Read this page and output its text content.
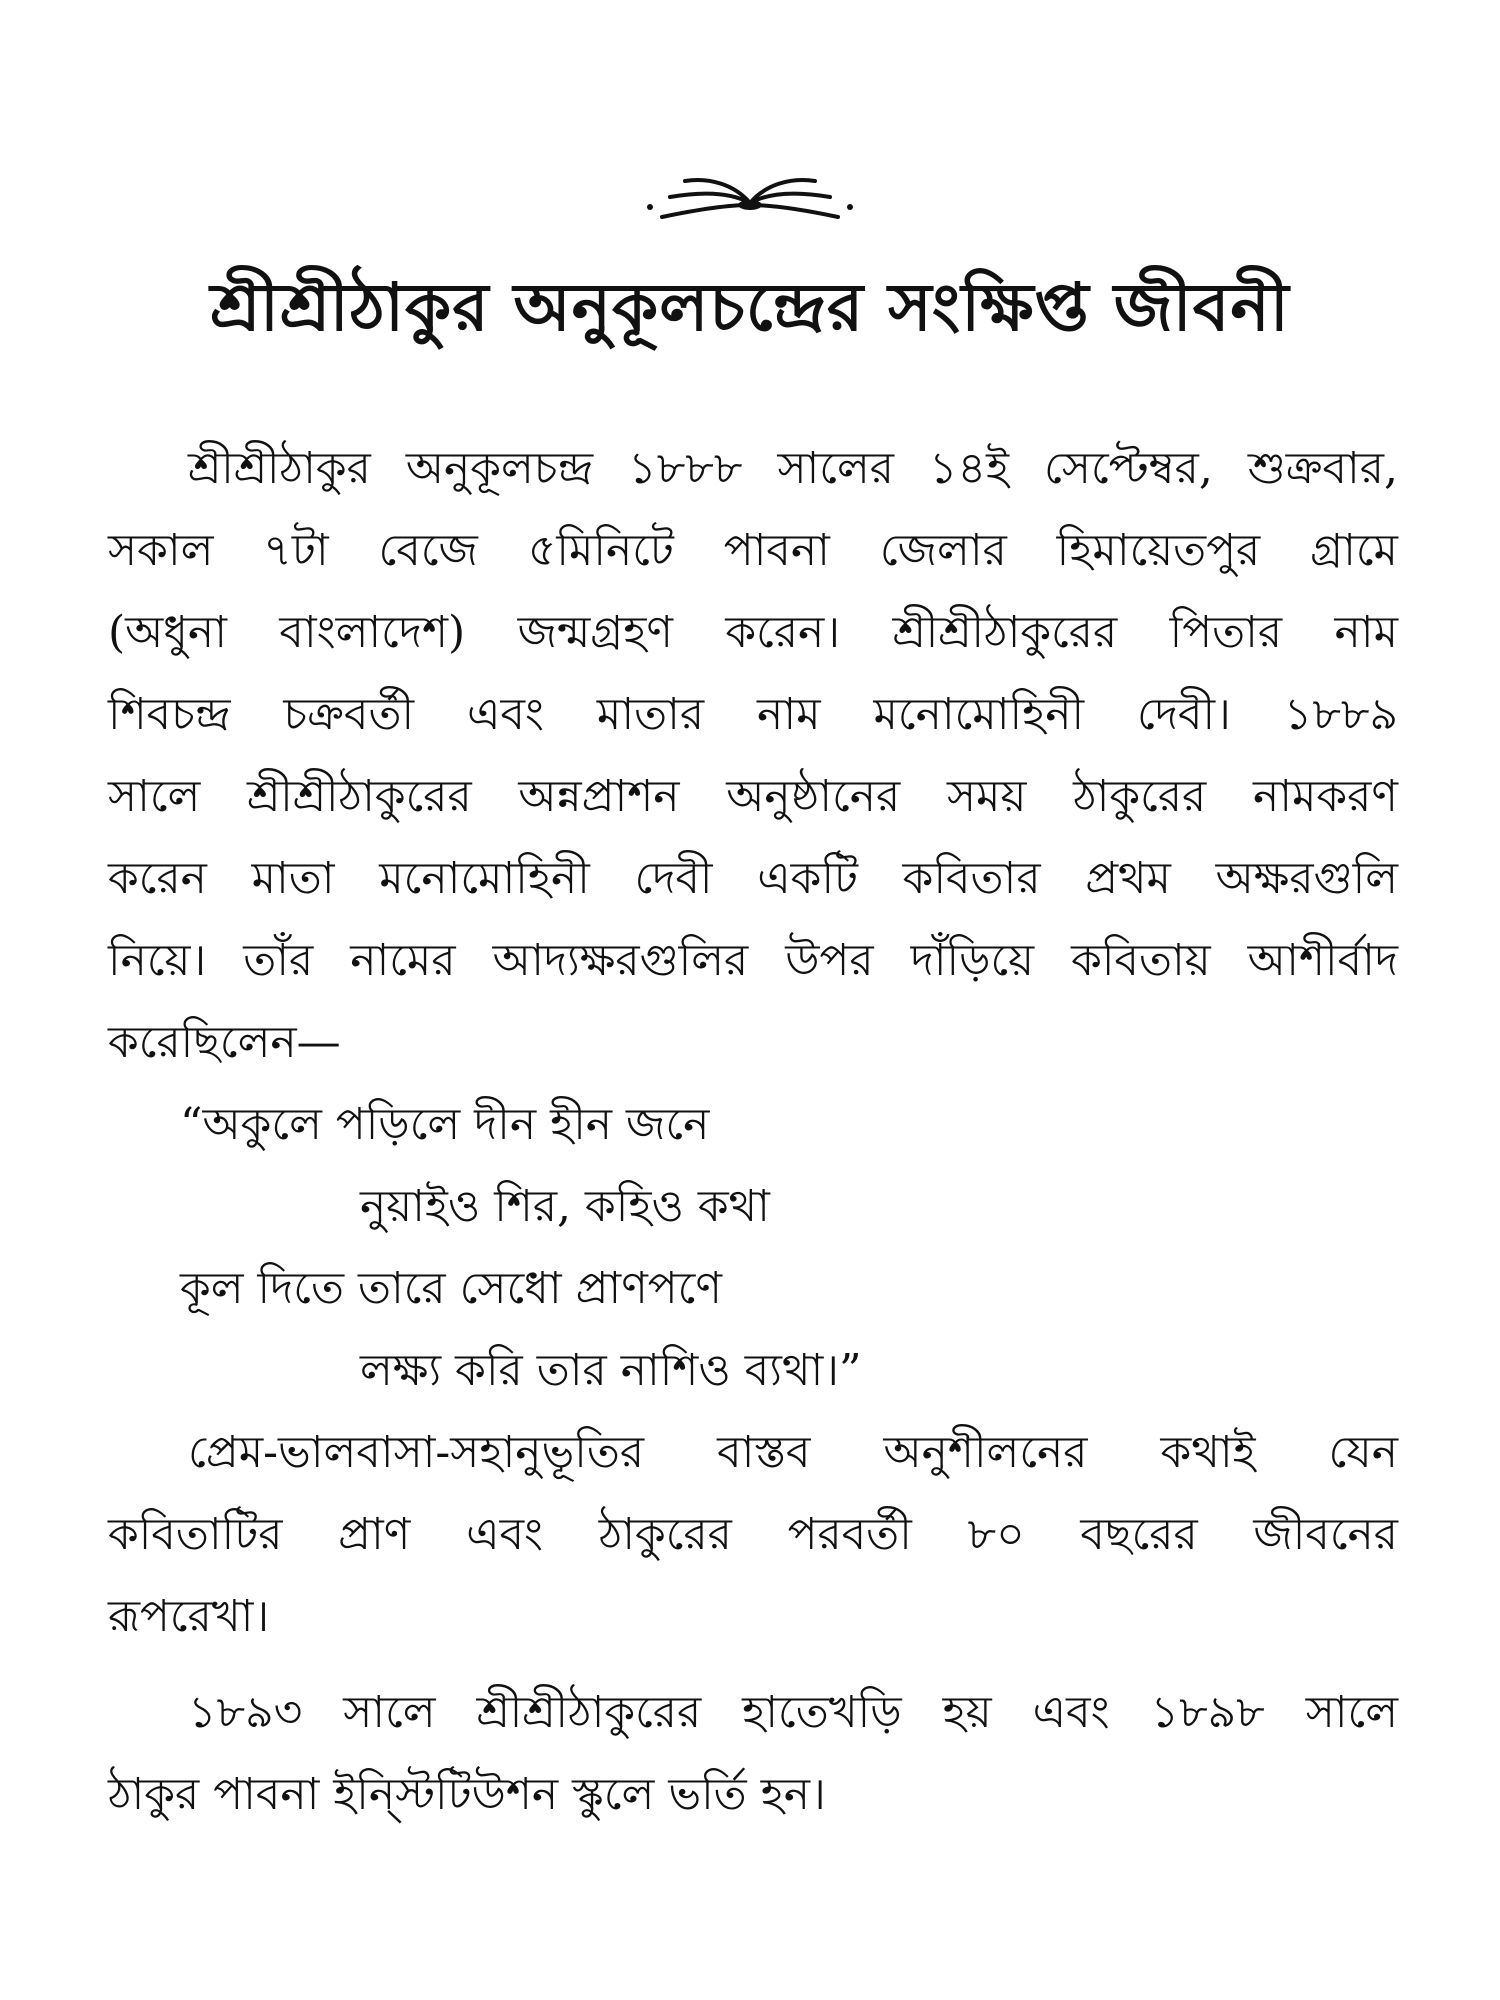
শ্রীশ্রীঠাকুর অনুকূলচন্দ্রের সংক্ষিপ্ত জীবনী
শ্রীশ্রীঠাকুর অনুকূলচন্দ্র ১৮৮৮ সালের ১৪ই সেপ্টেম্বর, শুক্রবার,
সকাল ৭টা বেজে ৫মিনিটে পাবনা জেলার হিমায়েতপুর গ্রামে
(অধুনা বাংলাদেশ) জন্মগ্রহণ করেন। শ্রীশ্রীঠাকুরের পিতার নাম
শিবচন্দ্র চক্রবর্তী এবং মাতার নাম মনোমোহিনী দেবী। ১৮৮৯
সালে শ্রীশ্রীঠাকুরের অন্নপ্রাশন অনুষ্ঠানের সময় ঠাকুরের নামকরণ
করেন মাতা মনোমোহিনী দেবী একটি কবিতার প্রথম অক্ষরগুলি
নিয়ে। তাঁর নামের আদ্যক্ষরগুলির উপর দাঁড়িয়ে কবিতায় আশীর্বাদ
করেছিলেন—
“অকুলে পড়িলে দীন হীন জনে
নুয়াইও শির, কহিও কথা
কূল দিতে তারে সেধো প্রাণপণে
লক্ষ্য করি তার নাশিও ব্যথা।”
প্রেম-ভালবাসা-সহানুভূতির বাস্তব অনুশীলনের কথাই যেন
কবিতাটির প্রাণ এবং ঠাকুরের পরবর্তী ৮০ বছরের জীবনের
রূপরেখা।
১৮৯৩ সালে শ্রীশ্রীঠাকুরের হাতেখড়ি হয় এবং ১৮৯৮ সালে
ঠাকুর পাবনা ইন্স্টিটিউশন স্কুলে ভর্তি হন।
